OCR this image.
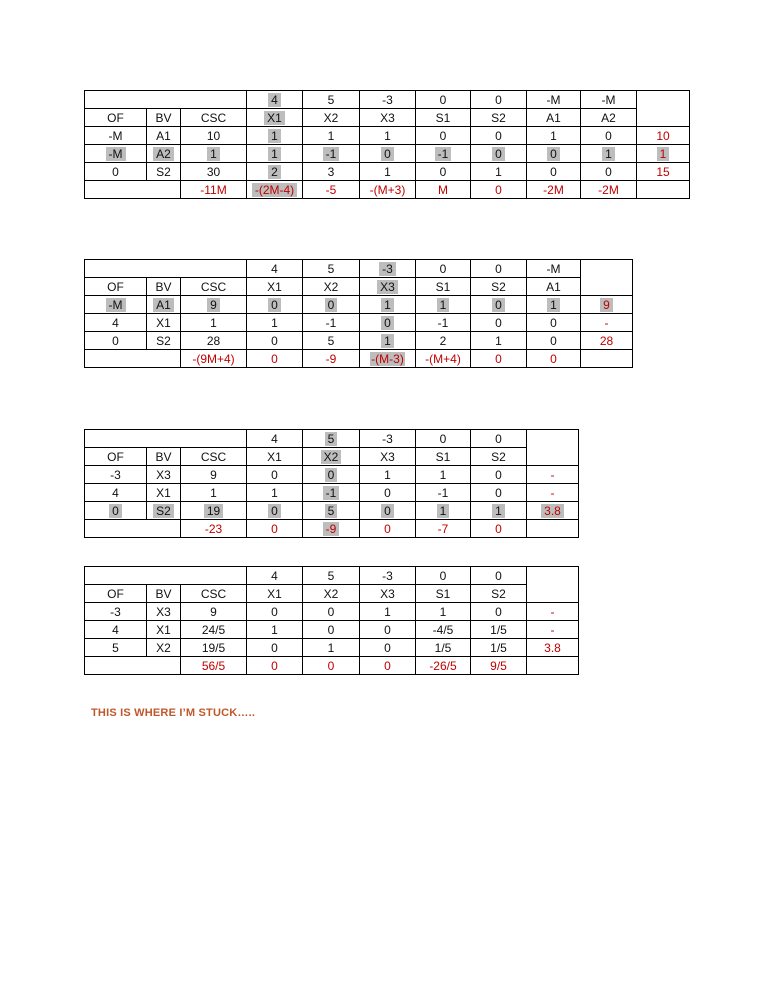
			4	5	-3	0	0	-M	-M	
OF	BV	CSC	X1	X2	X3	S1	S2	A1	A2	
-M	A1	10	1	1	1	0	0	1	0	10
-M	A2	1	1	-1	0	-1	0	0	1	1
0	S2	30	2	3	1	0	1	0	0	15
		-11M	-(2M-4)	-5	-(M+3)	M	0	-2M	-2M	
			4	5	-3	0	0	-M	
OF	BV	CSC	X1	X2	X3	S1	S2	A1	
-M	A1	9	0	0	1	1	0	1	9
4	X1	1	1	-1	0	-1	0	0	-
0	S2	28	0	5	1	2	1	0	28
		-(9M+4)	0	-9	-(M-3)	-(M+4)	0	0	
			4	5	-3	0	0	
OF	BV	CSC	X1	X2	X3	S1	S2	
-3	X3	9	0	0	1	1	0	-
4	X1	1	1	-1	0	-1	0	-
0	S2	19	0	5	0	1	1	3.8
		-23	0	-9	0	-7	0	
			4	5	-3	0	0	
OF	BV	CSC	X1	X2	X3	S1	S2	
-3	X3	9	0	0	1	1	0	-
4	X1	24/5	1	0	0	-4/5	1/5	-
5	X2	19/5	0	1	0	1/5	1/5	3.8
		56/5	0	0	0	-26/5	9/5	
THIS IS WHERE I’M STUCK…..
